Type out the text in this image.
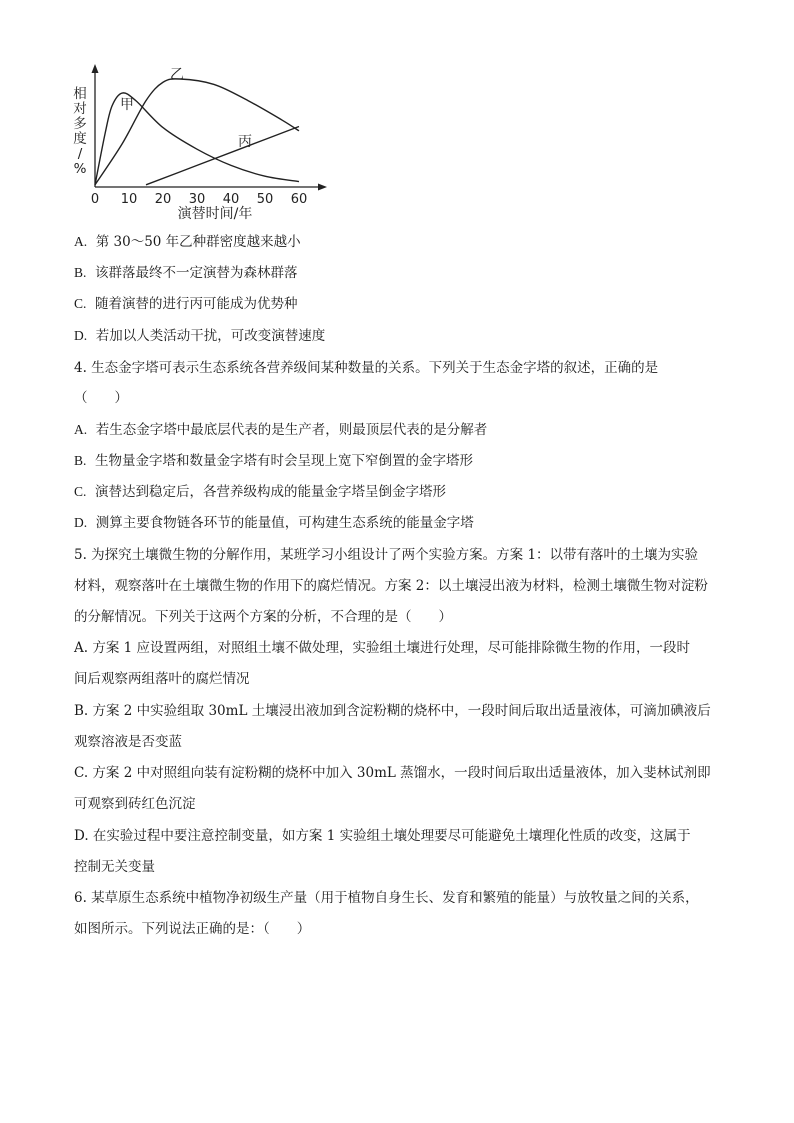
相
对
多
度
/
%
0 10 20 30 40 50 60
演替时间/年
甲
乙
丙
A. 第 30～50 年乙种群密度越来越小
B. 该群落最终不一定演替为森林群落
C. 随着演替的进行丙可能成为优势种
D. 若加以人类活动干扰，可改变演替速度
4. 生态金字塔可表示生态系统各营养级间某种数量的关系。下列关于生态金字塔的叙述，正确的是
（　　）
A. 若生态金字塔中最底层代表的是生产者，则最顶层代表的是分解者
B. 生物量金字塔和数量金字塔有时会呈现上宽下窄倒置的金字塔形
C. 演替达到稳定后，各营养级构成的能量金字塔呈倒金字塔形
D. 测算主要食物链各环节的能量值，可构建生态系统的能量金字塔
5. 为探究土壤微生物的分解作用，某班学习小组设计了两个实验方案。方案 1：以带有落叶的土壤为实验
材料，观察落叶在土壤微生物的作用下的腐烂情况。方案 2：以土壤浸出液为材料，检测土壤微生物对淀粉
的分解情况。下列关于这两个方案的分析，不合理的是（　　）
A. 方案 1 应设置两组，对照组土壤不做处理，实验组土壤进行处理，尽可能排除微生物的作用，一段时
间后观察两组落叶的腐烂情况
B. 方案 2 中实验组取 30mL 土壤浸出液加到含淀粉糊的烧杯中，一段时间后取出适量液体，可滴加碘液后
观察溶液是否变蓝
C. 方案 2 中对照组向装有淀粉糊的烧杯中加入 30mL 蒸馏水，一段时间后取出适量液体，加入斐林试剂即
可观察到砖红色沉淀
D. 在实验过程中要注意控制变量，如方案 1 实验组土壤处理要尽可能避免土壤理化性质的改变，这属于
控制无关变量
6. 某草原生态系统中植物净初级生产量（用于植物自身生长、发育和繁殖的能量）与放牧量之间的关系，
如图所示。下列说法正确的是：（　　）
